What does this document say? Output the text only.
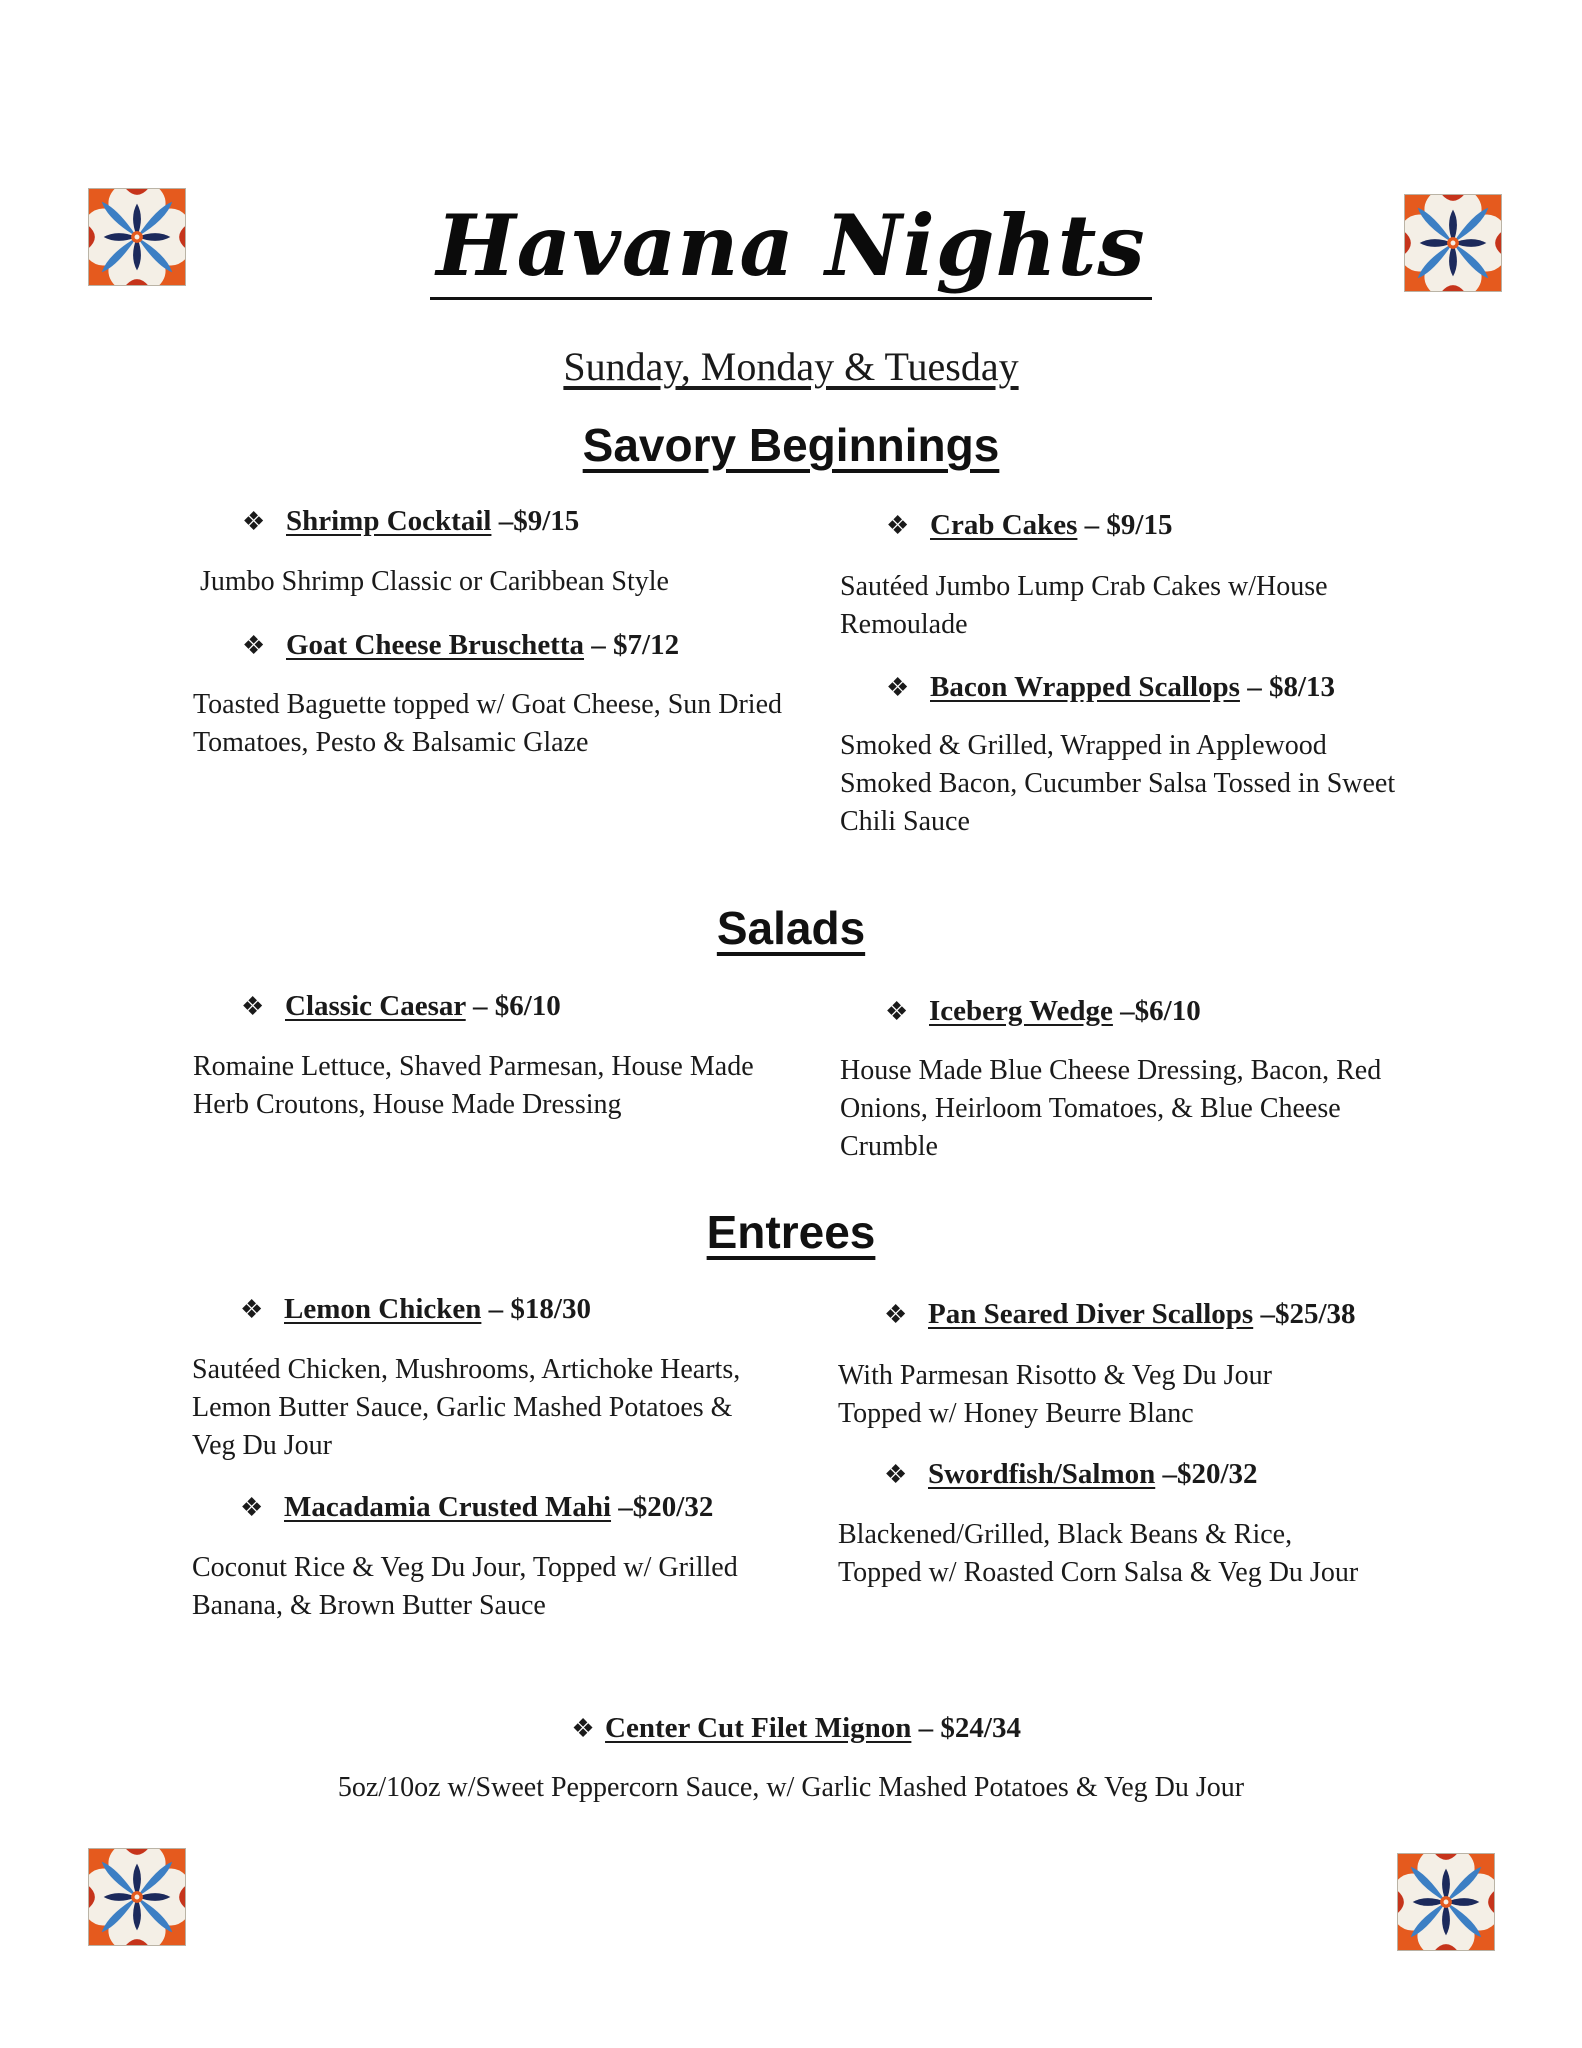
Havana Nights
Sunday, Monday & Tuesday
Savory Beginnings
❖ Shrimp Cocktail –$9/15
Jumbo Shrimp Classic or Caribbean Style
❖ Goat Cheese Bruschetta – $7/12
Toasted Baguette topped w/ Goat Cheese, Sun Dried Tomatoes, Pesto & Balsamic Glaze
❖ Crab Cakes – $9/15
Sautéed Jumbo Lump Crab Cakes w/House Remoulade
❖ Bacon Wrapped Scallops – $8/13
Smoked & Grilled, Wrapped in Applewood Smoked Bacon, Cucumber Salsa Tossed in Sweet Chili Sauce
Salads
❖ Classic Caesar – $6/10
Romaine Lettuce, Shaved Parmesan, House Made Herb Croutons, House Made Dressing
❖ Iceberg Wedge –$6/10
House Made Blue Cheese Dressing, Bacon, Red Onions, Heirloom Tomatoes, & Blue Cheese Crumble
Entrees
❖ Lemon Chicken – $18/30
Sautéed Chicken, Mushrooms, Artichoke Hearts, Lemon Butter Sauce, Garlic Mashed Potatoes & Veg Du Jour
❖ Macadamia Crusted Mahi –$20/32
Coconut Rice & Veg Du Jour, Topped w/ Grilled Banana, & Brown Butter Sauce
❖ Pan Seared Diver Scallops –$25/38
With Parmesan Risotto & Veg Du Jour Topped w/ Honey Beurre Blanc
❖ Swordfish/Salmon –$20/32
Blackened/Grilled, Black Beans & Rice, Topped w/ Roasted Corn Salsa & Veg Du Jour
❖ Center Cut Filet Mignon – $24/34
5oz/10oz w/Sweet Peppercorn Sauce, w/ Garlic Mashed Potatoes & Veg Du Jour
